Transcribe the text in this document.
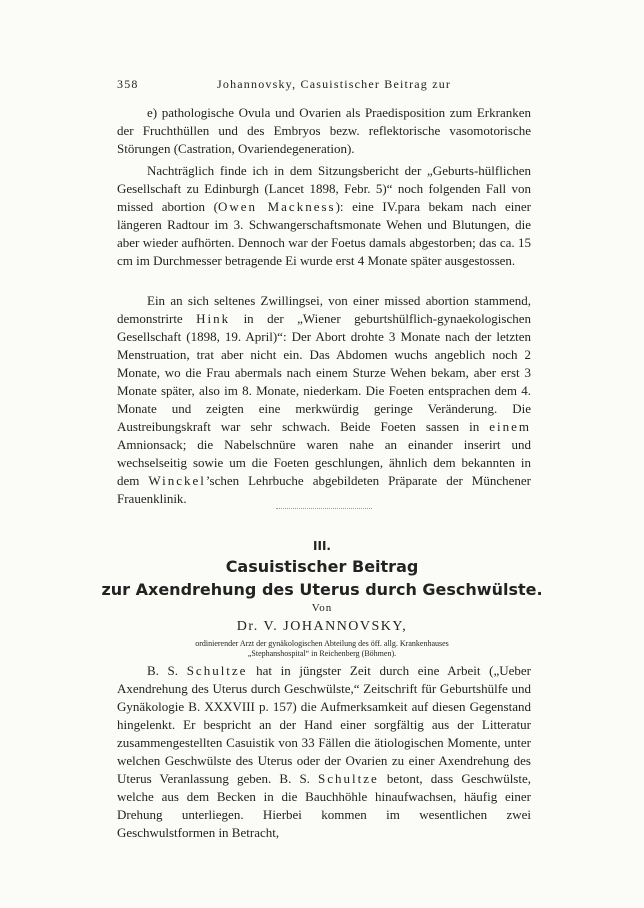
358	Johannovsky, Casuistischer Beitrag zur

e) pathologische Ovula und Ovarien als Praedisposition zum Erkranken der Fruchthüllen und des Embryos bezw. reflektorische vasomotorische Störungen (Castration, Ovariendegeneration).

Nachträglich finde ich in dem Sitzungsbericht der „Geburts-hülflichen Gesellschaft zu Edinburgh (Lancet 1898, Febr. 5)“ noch folgenden Fall von missed abortion (Owen Mackness): eine IV.para bekam nach einer längeren Radtour im 3. Schwangerschaftsmonate Wehen und Blutungen, die aber wieder aufhörten. Dennoch war der Foetus damals abgestorben; das ca. 15 cm im Durchmesser betragende Ei wurde erst 4 Monate später ausgestossen.

Ein an sich seltenes Zwillingsei, von einer missed abortion stammend, demonstrirte Hink in der „Wiener geburtshülflich-gynaekologischen Gesellschaft (1898, 19. April)“: Der Abort drohte 3 Monate nach der letzten Menstruation, trat aber nicht ein. Das Abdomen wuchs angeblich noch 2 Monate, wo die Frau abermals nach einem Sturze Wehen bekam, aber erst 3 Monate später, also im 8. Monate, niederkam. Die Foeten entsprachen dem 4. Monate und zeigten eine merkwürdig geringe Veränderung. Die Austreibungskraft war sehr schwach. Beide Foeten sassen in einem Amnionsack; die Nabelschnüre waren nahe an einander inserirt und wechselseitig sowie um die Foeten geschlungen, ähnlich dem bekannten in dem Winckel’schen Lehrbuche abgebildeten Präparate der Münchener Frauenklinik.

III.
Casuistischer Beitrag
zur Axendrehung des Uterus durch Geschwülste.
Von
Dr. V. JOHANNOVSKY,
ordinierender Arzt der gynäkologischen Abteilung des öff. allg. Krankenhauses
„Stephanshospital“ in Reichenberg (Böhmen).

B. S. Schultze hat in jüngster Zeit durch eine Arbeit („Ueber Axendrehung des Uterus durch Geschwülste,“ Zeitschrift für Geburtshülfe und Gynäkologie B. XXXVIII p. 157) die Aufmerksamkeit auf diesen Gegenstand hingelenkt. Er bespricht an der Hand einer sorgfältig aus der Litteratur zusammengestellten Casuistik von 33 Fällen die ätiologischen Momente, unter welchen Geschwülste des Uterus oder der Ovarien zu einer Axendrehung des Uterus Veranlassung geben. B. S. Schultze betont, dass Geschwülste, welche aus dem Becken in die Bauchhöhle hinaufwachsen, häufig einer Drehung unterliegen. Hierbei kommen im wesentlichen zwei Geschwulstformen in Betracht,
